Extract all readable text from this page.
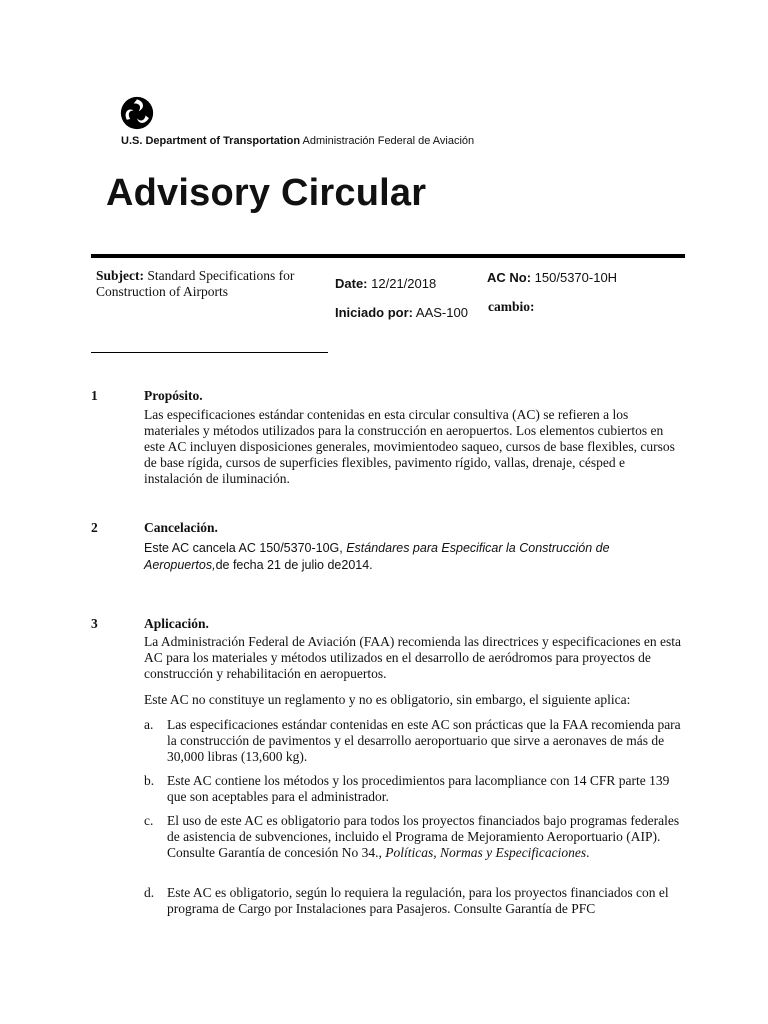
U.S. Department of Transportation Administración Federal de Aviación
Advisory Circular
Subject: Standard Specifications for Construction of Airports
Date: 12/21/2018	AC No: 150/5370-10H
Iniciado por: AAS-100 cambio:
1	Propósito.
Las especificaciones estándar contenidas en esta circular consultiva (AC) se refieren a los materiales y métodos utilizados para la construcción en aeropuertos. Los elementos cubiertos en este AC incluyen disposiciones generales, movimientodeo saqueo, cursos de base flexibles, cursos de base rígida, cursos de superficies flexibles, pavimento rígido, vallas, drenaje, césped e instalación de iluminación.
2	Cancelación.
Este AC cancela AC 150/5370-10G, Estándares para Especificar la Construcción de Aeropuertos,de fecha 21 de julio de2014.
3	Aplicación.
La Administración Federal de Aviación (FAA) recomienda las directrices y especificaciones en esta AC para los materiales y métodos utilizados en el desarrollo de aeródromos para proyectos de construcción y rehabilitación en aeropuertos.
Este AC no constituye un reglamento y no es obligatorio, sin embargo, el siguiente aplica:
a. Las especificaciones estándar contenidas en este AC son prácticas que la FAA recomienda para la construcción de pavimentos y el desarrollo aeroportuario que sirve a aeronaves de más de 30,000 libras (13,600 kg).
b. Este AC contiene los métodos y los procedimientos para lacompliance con 14 CFR parte 139 que son aceptables para el administrador.
c. El uso de este AC es obligatorio para todos los proyectos financiados bajo programas federales de asistencia de subvenciones, incluido el Programa de Mejoramiento Aeroportuario (AIP). Consulte Garantía de concesión No 34., Políticas, Normas y Especificaciones.
d. Este AC es obligatorio, según lo requiera la regulación, para los proyectos financiados con el programa de Cargo por Instalaciones para Pasajeros. Consulte Garantía de PFC
